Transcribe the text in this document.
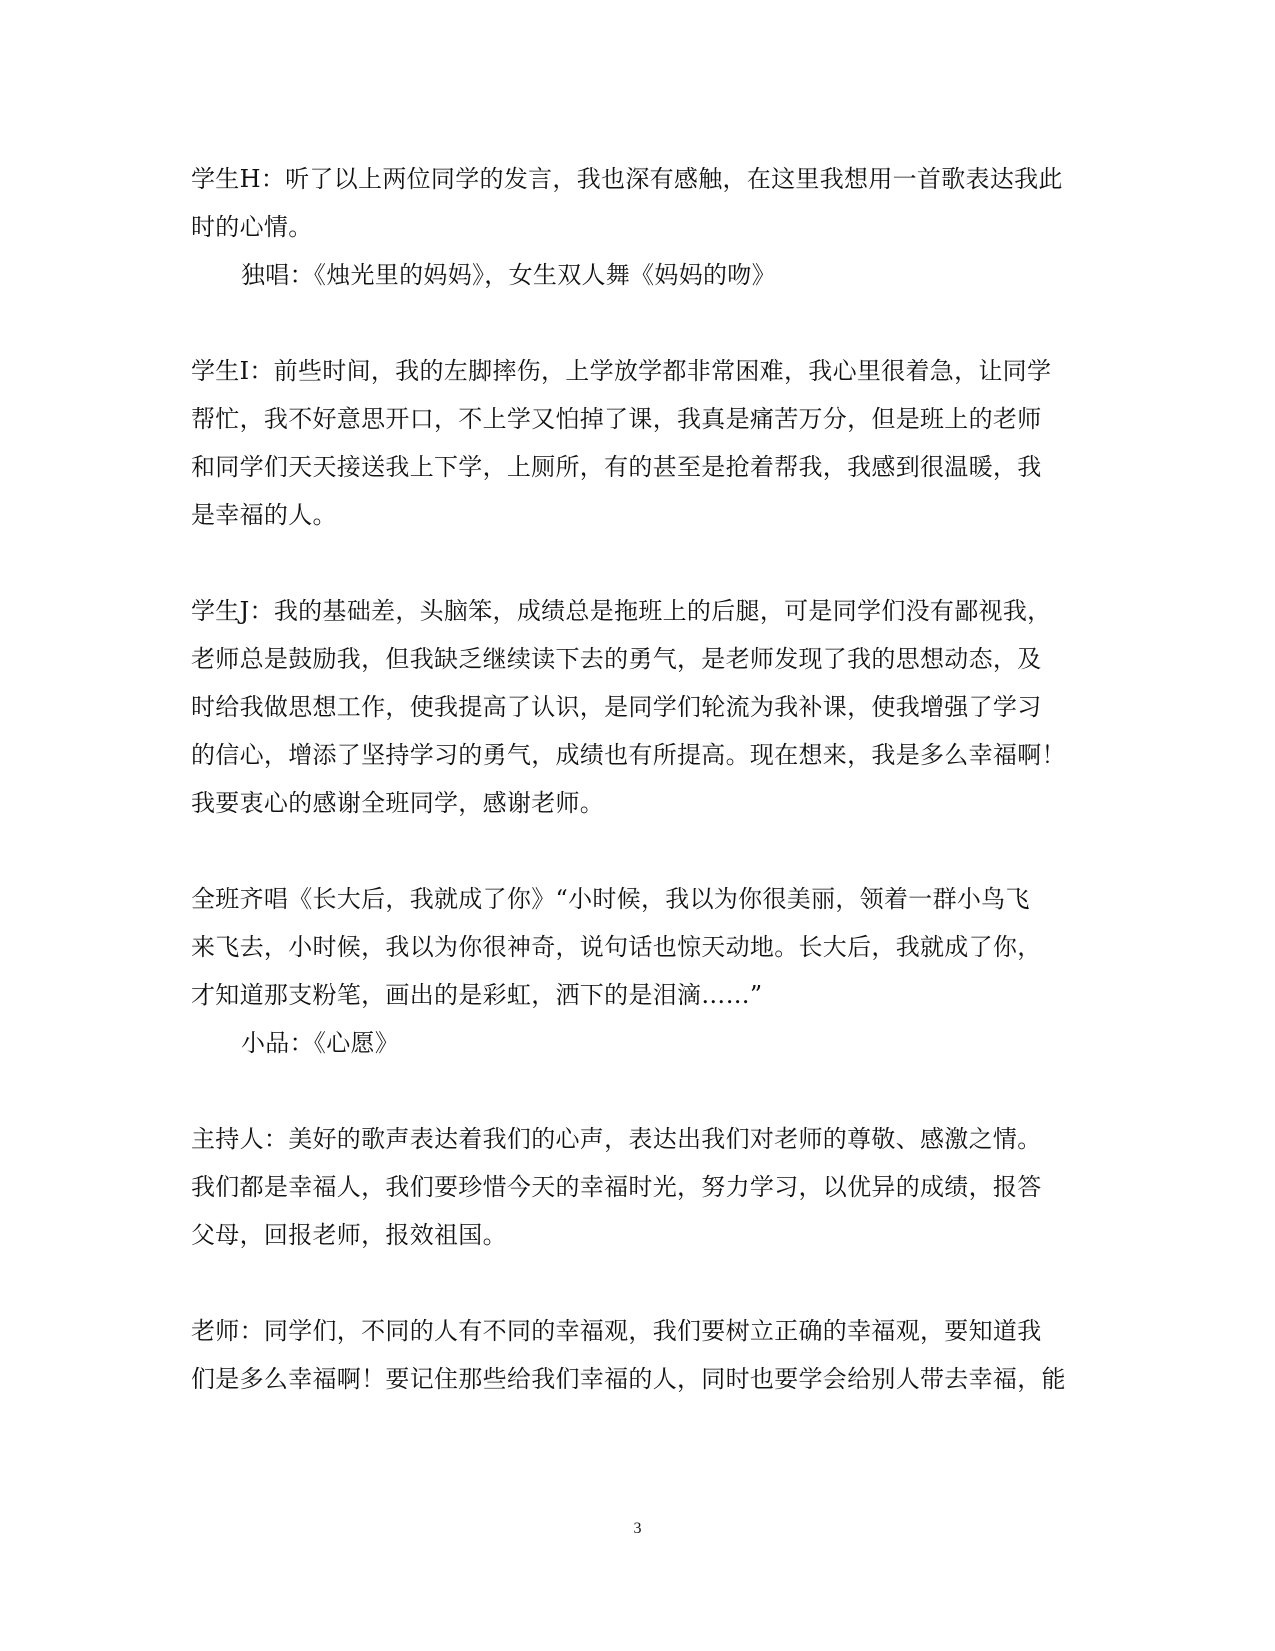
学生H：听了以上两位同学的发言，我也深有感触，在这里我想用一首歌表达我此
时的心情。
独唱：《烛光里的妈妈》，女生双人舞《妈妈的吻》
学生I：前些时间，我的左脚摔伤，上学放学都非常困难，我心里很着急，让同学
帮忙，我不好意思开口，不上学又怕掉了课，我真是痛苦万分，但是班上的老师
和同学们天天接送我上下学，上厕所，有的甚至是抢着帮我，我感到很温暖，我
是幸福的人。
学生J：我的基础差，头脑笨，成绩总是拖班上的后腿，可是同学们没有鄙视我，
老师总是鼓励我，但我缺乏继续读下去的勇气，是老师发现了我的思想动态，及
时给我做思想工作，使我提高了认识，是同学们轮流为我补课，使我增强了学习
的信心，增添了坚持学习的勇气，成绩也有所提高。现在想来，我是多么幸福啊！
我要衷心的感谢全班同学，感谢老师。
全班齐唱《长大后，我就成了你》“小时候，我以为你很美丽，领着一群小鸟飞
来飞去，小时候，我以为你很神奇，说句话也惊天动地。长大后，我就成了你，
才知道那支粉笔，画出的是彩虹，洒下的是泪滴……”
小品：《心愿》
主持人：美好的歌声表达着我们的心声，表达出我们对老师的尊敬、感激之情。
我们都是幸福人，我们要珍惜今天的幸福时光，努力学习，以优异的成绩，报答
父母，回报老师，报效祖国。
老师：同学们，不同的人有不同的幸福观，我们要树立正确的幸福观，要知道我
们是多么幸福啊！要记住那些给我们幸福的人，同时也要学会给别人带去幸福，能
3
